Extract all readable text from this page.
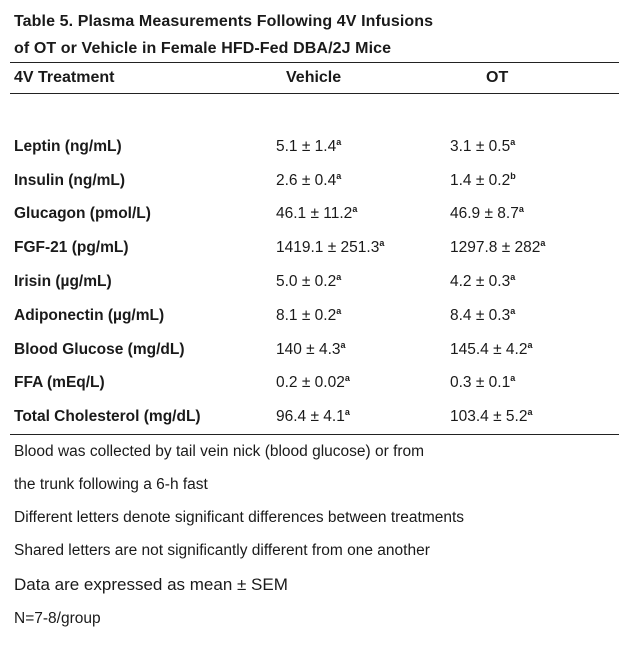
Table 5. Plasma Measurements Following 4V Infusions
of OT or Vehicle in Female HFD-Fed DBA/2J Mice
4V Treatment	Vehicle	OT
Leptin (ng/mL)	5.1 ± 1.4$^a$	3.1 ± 0.5$^a$
Insulin (ng/mL)	2.6 ± 0.4$^a$	1.4 ± 0.2$^b$
Glucagon (pmol/L)	46.1 ± 11.2$^a$	46.9 ± 8.7$^a$
FGF-21 (pg/mL)	1419.1 ± 251.3$^a$	$1297.8 \pm 282^a$
Irisin (µg/mL)	5.0 ± 0.2$^a$	4.2 ± 0.3$^a$
Adiponectin (µg/mL)	8.1 ± 0.2$^a$	8.4 ± 0.3$^a$
Blood Glucose (mg/dL)	140 ± 4.3$^a$	145.4 ± 4.2$^a$
FFA (mEq/L)	0.2 ± 0.02$^a$	0.3 ± 0.1$^a$
Total Cholesterol (mg/dL)	96.4 ± 4.1$^a$	103.4 ± 5.2$^a$
Blood was collected by tail vein nick (blood glucose) or from
the trunk following a 6-h fast
Different letters denote significant differences between treatments
Shared letters are not significantly different from one another
Data are expressed as mean ± SEM
N=7-8/group
